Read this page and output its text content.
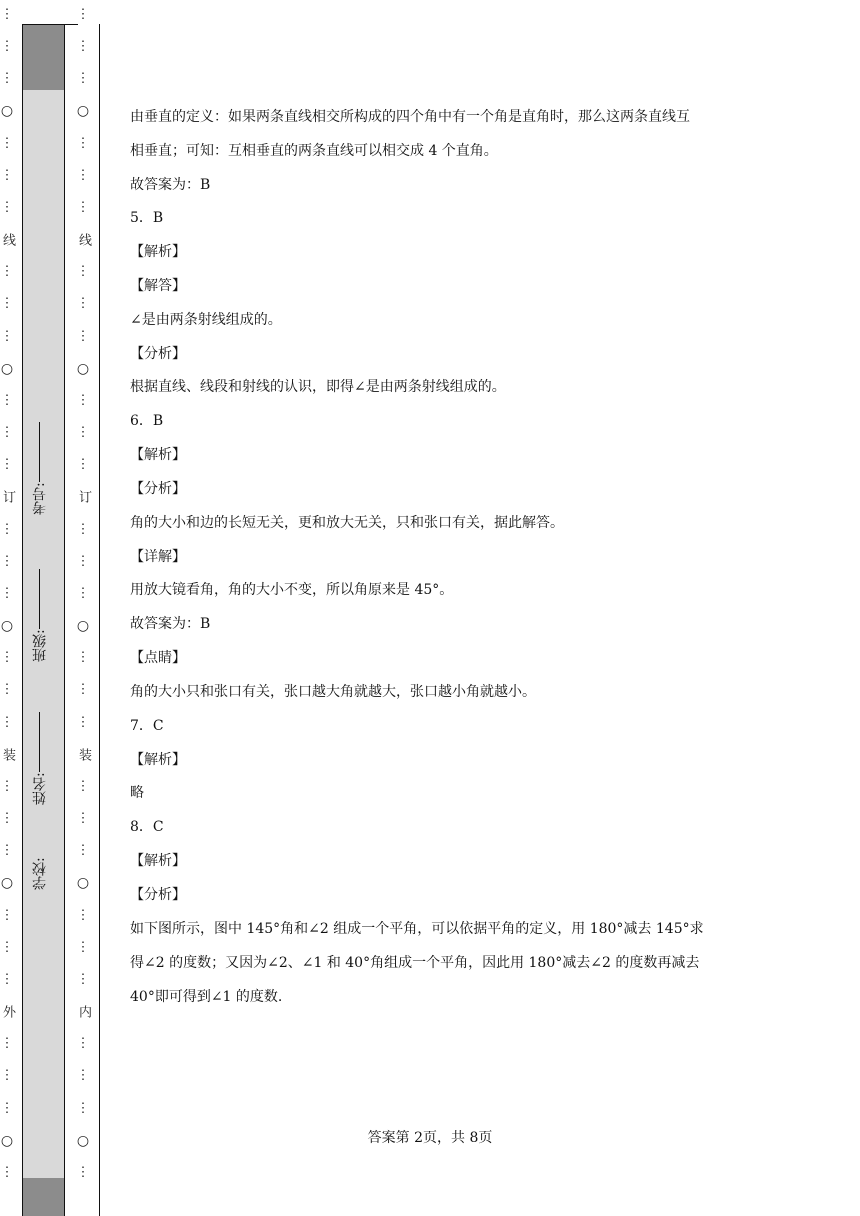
⋮
⋮
⋮
○
⋮
⋮
⋮
线
⋮
⋮
⋮
○
⋮
⋮
⋮
订
⋮
⋮
⋮
○
⋮
⋮
⋮
装
⋮
⋮
⋮
○
⋮
⋮
⋮
外
⋮
⋮
⋮
○
⋮
⋮
⋮
⋮
○
⋮
⋮
⋮
线
⋮
⋮
⋮
○
⋮
⋮
⋮
订
⋮
⋮
⋮
○
⋮
⋮
⋮
装
⋮
⋮
⋮
○
⋮
⋮
⋮
内
⋮
⋮
⋮
○
⋮
考号:
班级:
姓名:
学校:
由垂直的定义：如果两条直线相交所构成的四个角中有一个角是直角时，那么这两条直线互
相垂直；可知：互相垂直的两条直线可以相交成 4 个直角。
故答案为：B
5．B
【解析】
【解答】
∠是由两条射线组成的。
【分析】
根据直线、线段和射线的认识，即得∠是由两条射线组成的。
6．B
【解析】
【分析】
角的大小和边的长短无关，更和放大无关，只和张口有关，据此解答。
【详解】
用放大镜看角，角的大小不变，所以角原来是 45°。
故答案为：B
【点睛】
角的大小只和张口有关，张口越大角就越大，张口越小角就越小。
7．C
【解析】
略
8．C
【解析】
【分析】
如下图所示，图中 145°角和∠2 组成一个平角，可以依据平角的定义，用 180°减去 145°求
得∠2 的度数；又因为∠2、∠1 和 40°角组成一个平角，因此用 180°减去∠2 的度数再减去
40°即可得到∠1 的度数.
答案第 2页，共 8页
